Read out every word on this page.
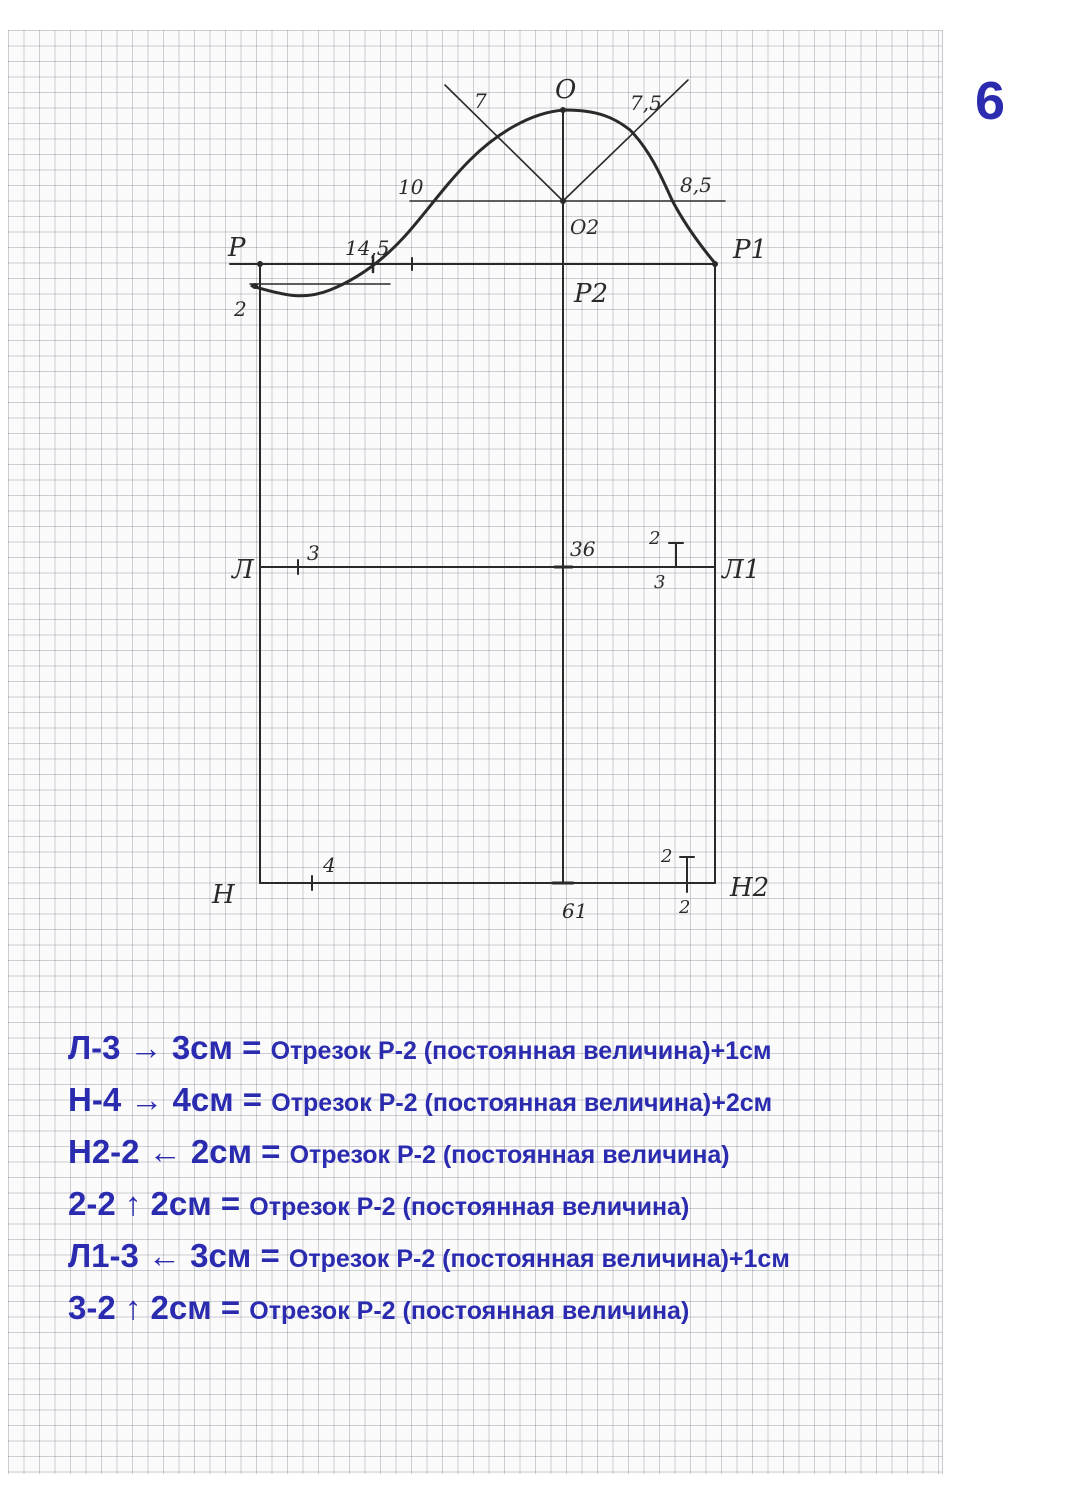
Р	Р1
Р2
О
О2
Л	Л1
Н	Н2
2
7	7,5
10	8,5
14,5
3	36
4
61
2
3
2
2
6
Л-3 → 3см = Отрезок Р-2 (постоянная величина)+1см
Н-4 → 4см = Отрезок Р-2 (постоянная величина)+2см
Н2-2 ← 2см = Отрезок Р-2 (постоянная величина)
2-2 ↑ 2см = Отрезок Р-2 (постоянная величина)
Л1-3 ← 3см = Отрезок Р-2 (постоянная величина)+1см
3-2 ↑ 2см = Отрезок Р-2 (постоянная величина)
